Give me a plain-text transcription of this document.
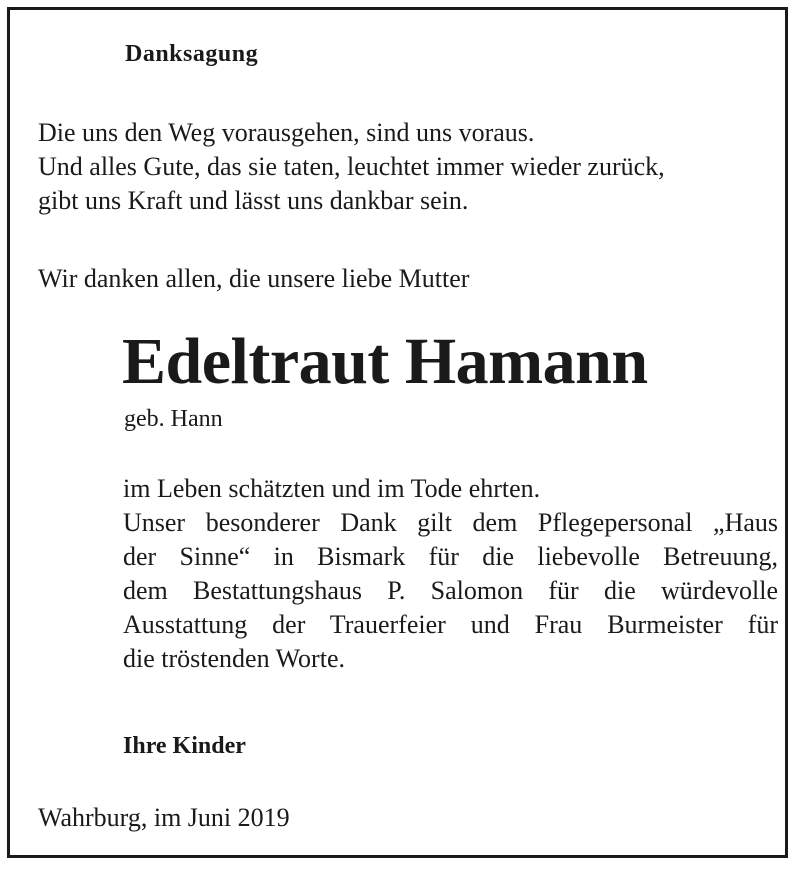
Danksagung
Die uns den Weg vorausgehen, sind uns voraus.
Und alles Gute, das sie taten, leuchtet immer wieder zurück,
gibt uns Kraft und lässt uns dankbar sein.
Wir danken allen, die unsere liebe Mutter
Edeltraut Hamann
geb. Hann
im Leben schätzten und im Tode ehrten.
Unser besonderer Dank gilt dem Pflegepersonal „Haus
der Sinne“ in Bismark für die liebevolle Betreuung,
dem Bestattungshaus P. Salomon für die würdevolle
Ausstattung der Trauerfeier und Frau Burmeister für
die tröstenden Worte.
Ihre Kinder
Wahrburg, im Juni 2019
